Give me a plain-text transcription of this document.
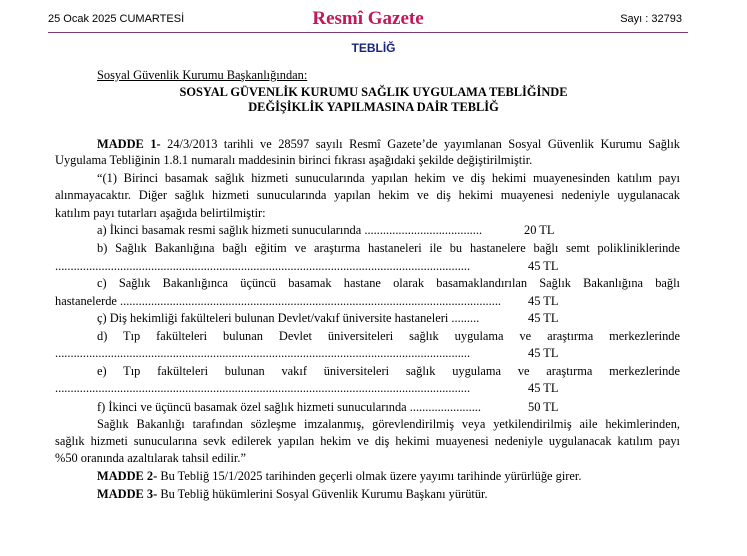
25 Ocak 2025 CUMARTESİ	Resmî Gazete	Sayı : 32793
TEBLİĞ
Sosyal Güvenlik Kurumu Başkanlığından:
SOSYAL GÜVENLİK KURUMU SAĞLIK UYGULAMA TEBLİĞİNDE
DEĞİŞİKLİK YAPILMASINA DAİR TEBLİĞ
MADDE 1- 24/3/2013 tarihli ve 28597 sayılı Resmî Gazete’de yayımlanan Sosyal Güvenlik Kurumu Sağlık
Uygulama Tebliğinin 1.8.1 numaralı maddesinin birinci fıkrası aşağıdaki şekilde değiştirilmiştir.
“(1) Birinci basamak sağlık hizmeti sunucularında yapılan hekim ve diş hekimi muayenesinden katılım payı
alınmayacaktır. Diğer sağlık hizmeti sunucularında yapılan hekim ve diş hekimi muayenesi nedeniyle uygulanacak
katılım payı tutarları aşağıda belirtilmiştir:
a) İkinci basamak resmi sağlık hizmeti sunucularında ......................................	20 TL
b) Sağlık Bakanlığına bağlı eğitim ve araştırma hastaneleri ile bu hastanelere bağlı semt polikliniklerinde
......................................................................................................................................	45 TL
c) Sağlık Bakanlığınca üçüncü basamak hastane olarak basamaklandırılan Sağlık Bakanlığına bağlı
hastanelerde ...........................................................................................................................	45 TL
ç) Diş hekimliği fakülteleri bulunan Devlet/vakıf üniversite hastaneleri .........	45 TL
d) Tıp fakülteleri bulunan Devlet üniversiteleri sağlık uygulama ve araştırma merkezlerinde
......................................................................................................................................	45 TL
e) Tıp fakülteleri bulunan vakıf üniversiteleri sağlık uygulama ve araştırma merkezlerinde
......................................................................................................................................	45 TL
f) İkinci ve üçüncü basamak özel sağlık hizmeti sunucularında .......................	50 TL
Sağlık Bakanlığı tarafından sözleşme imzalanmış, görevlendirilmiş veya yetkilendirilmiş aile hekimlerinden,
sağlık hizmeti sunucularına sevk edilerek yapılan hekim ve diş hekimi muayenesi nedeniyle uygulanacak katılım payı
%50 oranında azaltılarak tahsil edilir.”
MADDE 2- Bu Tebliğ 15/1/2025 tarihinden geçerli olmak üzere yayımı tarihinde yürürlüğe girer.
MADDE 3- Bu Tebliğ hükümlerini Sosyal Güvenlik Kurumu Başkanı yürütür.
